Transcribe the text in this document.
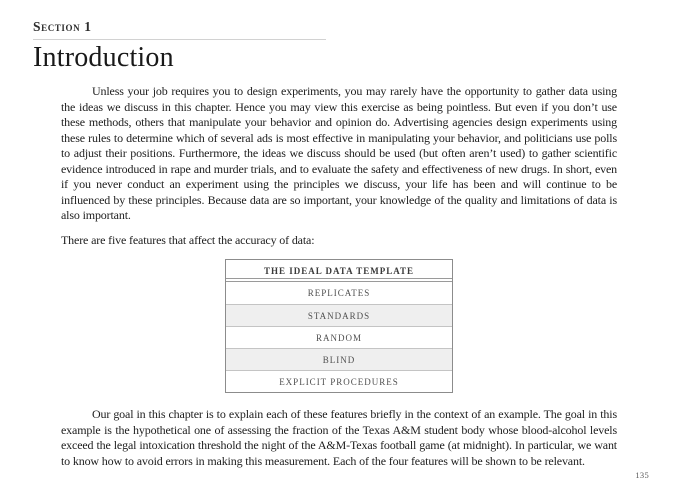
Section 1
Introduction

Unless your job requires you to design experiments, you may rarely have the opportunity to gather data using the ideas we discuss in this chapter. Hence you may view this exercise as being pointless. But even if you don’t use these methods, others that manipulate your behavior and opinion do. Advertising agencies design experiments using these rules to determine which of several ads is most effective in manipulating your behavior, and politicians use polls to adjust their positions. Furthermore, the ideas we discuss should be used (but often aren’t used) to gather scientific evidence introduced in rape and murder trials, and to evaluate the safety and effectiveness of new drugs. In short, even if you never conduct an experiment using the principles we discuss, your life has been and will continue to be influenced by these principles. Because data are so important, your knowledge of the quality and limitations of data is also important.

There are five features that affect the accuracy of data:

THE IDEAL DATA TEMPLATE
REPLICATES
STANDARDS
RANDOM
BLIND
EXPLICIT PROCEDURES

Our goal in this chapter is to explain each of these features briefly in the context of an example. The goal in this example is the hypothetical one of assessing the fraction of the Texas A&M student body whose blood-alcohol levels exceed the legal intoxication threshold the night of the A&M-Texas football game (at midnight). In particular, we want to know how to avoid errors in making this measurement. Each of the four features will be shown to be relevant.

135
